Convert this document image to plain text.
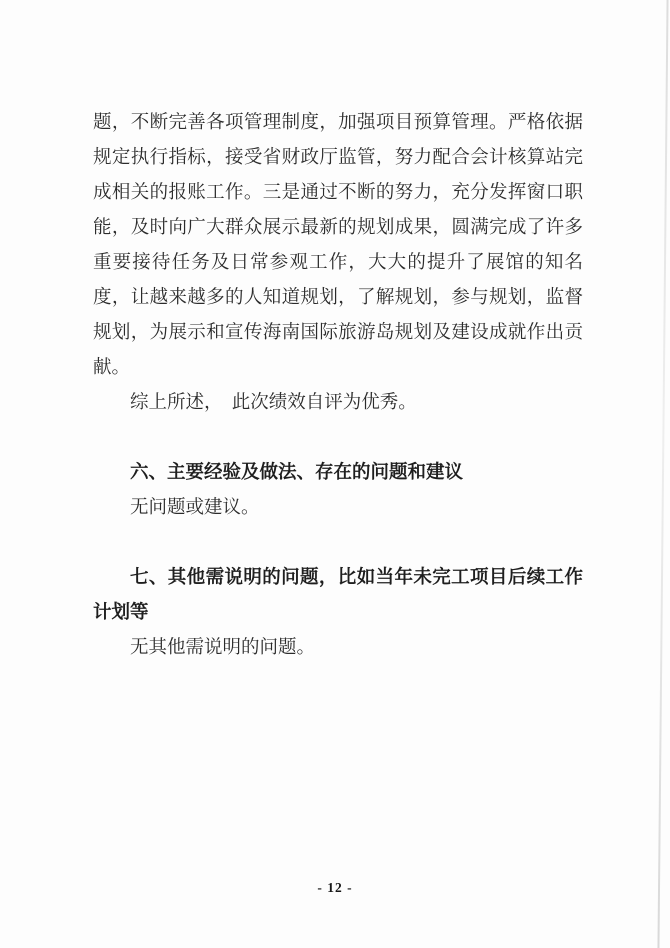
题，不断完善各项管理制度，加强项目预算管理。严格依据
规定执行指标，接受省财政厅监管，努力配合会计核算站完
成相关的报账工作。三是通过不断的努力，充分发挥窗口职
能，及时向广大群众展示最新的规划成果，圆满完成了许多
重要接待任务及日常参观工作，大大的提升了展馆的知名
度，让越来越多的人知道规划，了解规划，参与规划，监督
规划，为展示和宣传海南国际旅游岛规划及建设成就作出贡
献。
综上所述，　此次绩效自评为优秀。
六、主要经验及做法、存在的问题和建议
无问题或建议。
七、其他需说明的问题，比如当年未完工项目后续工作
计划等
无其他需说明的问题。
- 12 -
